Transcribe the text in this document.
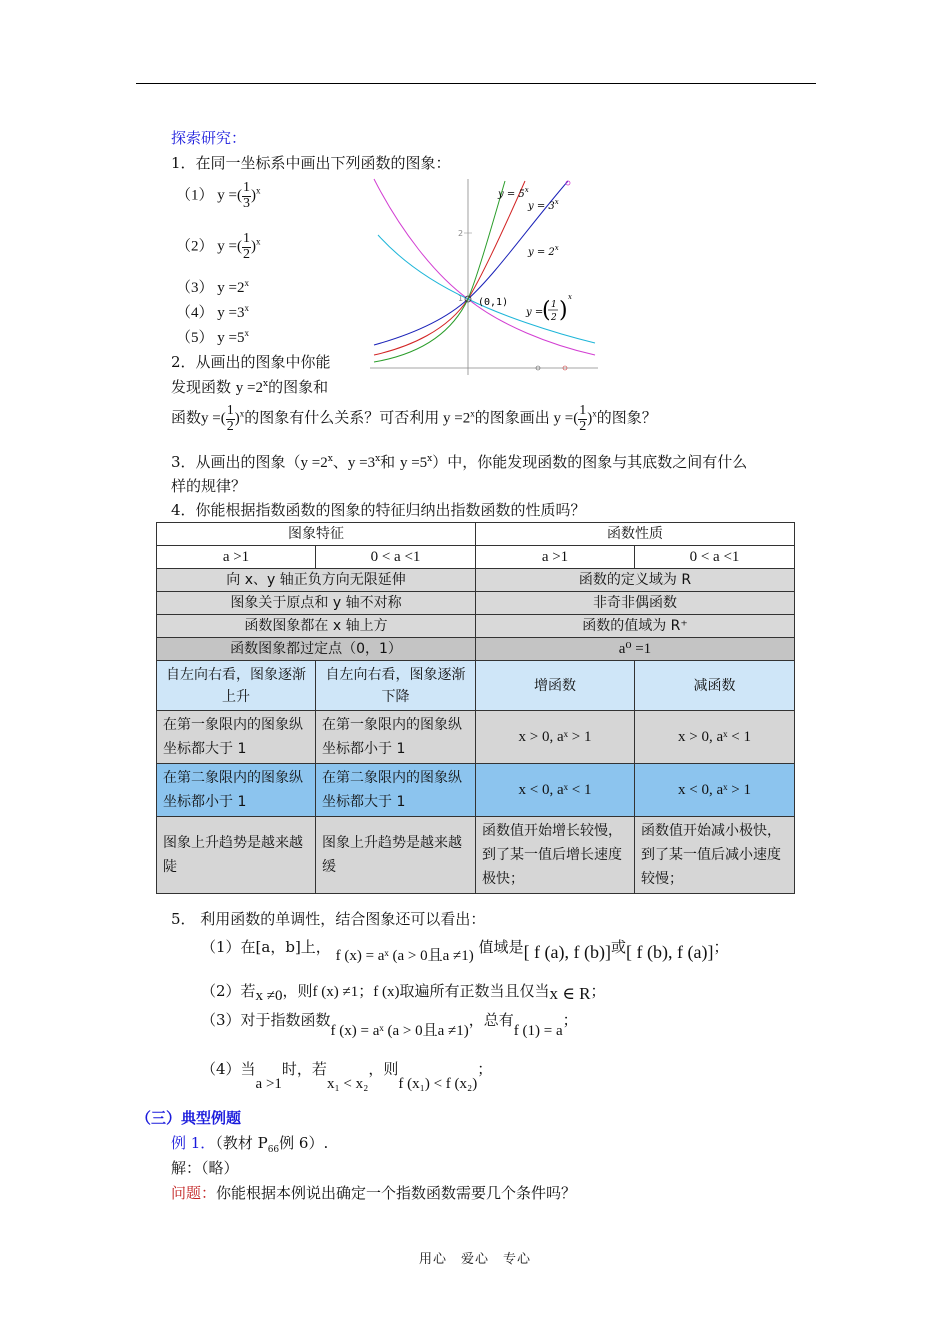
探索研究：
1．在同一坐标系中画出下列函数的图象：
（1） y =( $\frac{1}{3} )^x$
（2） y =( $\frac{1}{2} )^x$
（3） $y =2^x$
（4） $y =3^x$
（5） $y =5^x$
2．从画出的图象中你能
发现函数 $y =2^x$的图象和
2
1 (0,1)
$y = 5^x$
$y = 3^x$
$y = 2^x$
y =
1
2
( )
x
函数y =( $\frac{1}{2} )^x$的图象有什么关系？可否利用 $y =2^x$的图象画出 y =( $\frac{1}{2} )^x$的图象？
3．从画出的图象（$y =2^x$、$y =3^x$和 $y =5^x$）中，你能发现函数的图象与其底数之间有什么
样的规律？
4．你能根据指数函数的图象的特征归纳出指数函数的性质吗？
图象特征		函数性质	
a >1	0 < a <1	a >1	0 < a <1
向 x、y 轴正负方向无限延伸		函数的定义域为 R	
图象关于原点和 y 轴不对称		非奇非偶函数	
函数图象都在 x 轴上方		函数的值域为 R⁺	
函数图象都过定点（0，1）		a⁰ =1	
自左向右看，图象逐渐上升	自左向右看，图象逐渐下降	增函数	减函数
在第一象限内的图象纵坐标都大于 1	在第一象限内的图象纵坐标都小于 1	x > 0, aˣ > 1	x > 0, aˣ < 1
在第二象限内的图象纵坐标都小于 1	在第二象限内的图象纵坐标都大于 1	x < 0, aˣ < 1	x < 0, aˣ > 1
图象上升趋势是越来越陡	图象上升趋势是越来越缓	函数值开始增长较慢，到了某一值后增长速度极快；	函数值开始减小极快，到了某一值后减小速度较慢；
5． 利用函数的单调性，结合图象还可以看出：
（1）在[a，b]上， f (x) = aˣ (a > 0且a ≠1) 值域是[ f (a), f (b)]或[ f (b), f (a)]；
（2）若x ≠0，则f (x) ≠1；f (x)取遍所有正数当且仅当x ∈ R；
（3）对于指数函数f (x) = aˣ (a > 0且a ≠1)，总有f (1) = a；
（4）当a >1时，若x₁ < x₂，则f (x₁) < f (x₂)；
（三）典型例题
例 1．（教材 $P_{66}$例 6）.
解：（略）
问题：你能根据本例说出确定一个指数函数需要几个条件吗？
用心　爱心　专心
